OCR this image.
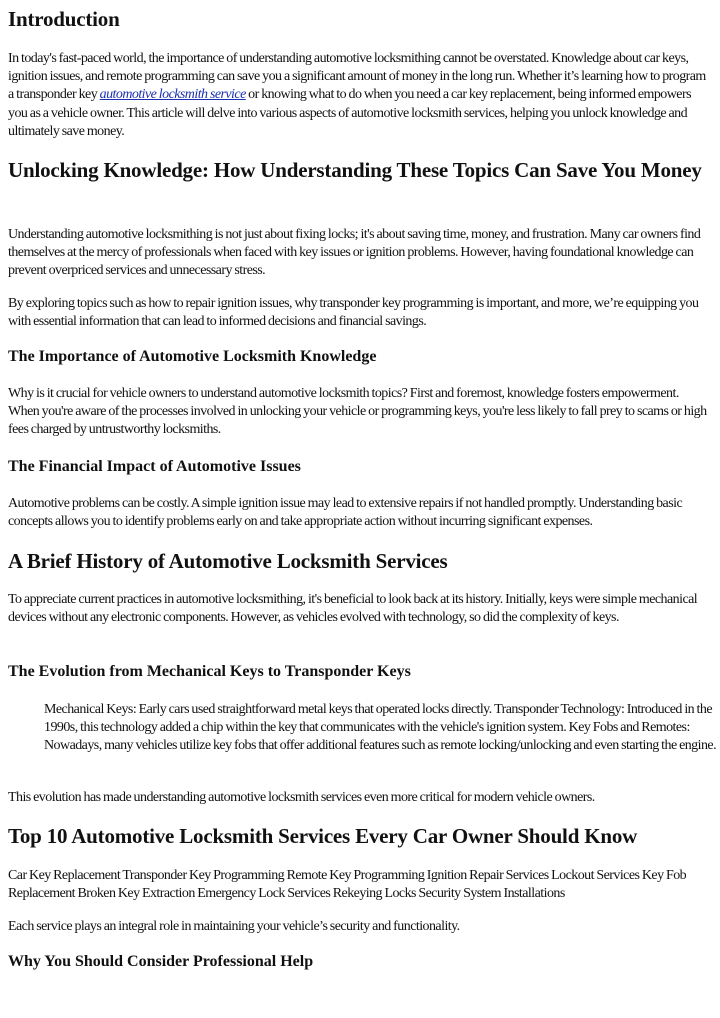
Introduction

In today's fast-paced world, the importance of understanding automotive locksmithing cannot be overstated. Knowledge about car keys, ignition issues, and remote programming can save you a significant amount of money in the long run. Whether it’s learning how to program a transponder key automotive locksmith service or knowing what to do when you need a car key replacement, being informed empowers you as a vehicle owner. This article will delve into various aspects of automotive locksmith services, helping you unlock knowledge and ultimately save money.

Unlocking Knowledge: How Understanding These Topics Can Save You Money

Understanding automotive locksmithing is not just about fixing locks; it's about saving time, money, and frustration. Many car owners find themselves at the mercy of professionals when faced with key issues or ignition problems. However, having foundational knowledge can prevent overpriced services and unnecessary stress.

By exploring topics such as how to repair ignition issues, why transponder key programming is important, and more, we’re equipping you with essential information that can lead to informed decisions and financial savings.

The Importance of Automotive Locksmith Knowledge

Why is it crucial for vehicle owners to understand automotive locksmith topics? First and foremost, knowledge fosters empowerment. When you're aware of the processes involved in unlocking your vehicle or programming keys, you're less likely to fall prey to scams or high fees charged by untrustworthy locksmiths.

The Financial Impact of Automotive Issues

Automotive problems can be costly. A simple ignition issue may lead to extensive repairs if not handled promptly. Understanding basic concepts allows you to identify problems early on and take appropriate action without incurring significant expenses.

A Brief History of Automotive Locksmith Services

To appreciate current practices in automotive locksmithing, it's beneficial to look back at its history. Initially, keys were simple mechanical devices without any electronic components. However, as vehicles evolved with technology, so did the complexity of keys.

The Evolution from Mechanical Keys to Transponder Keys
Mechanical Keys: Early cars used straightforward metal keys that operated locks directly. Transponder Technology: Introduced in the 1990s, this technology added a chip within the key that communicates with the vehicle's ignition system. Key Fobs and Remotes: Nowadays, many vehicles utilize key fobs that offer additional features such as remote locking/unlocking and even starting the engine.

This evolution has made understanding automotive locksmith services even more critical for modern vehicle owners.

Top 10 Automotive Locksmith Services Every Car Owner Should Know

Car Key Replacement Transponder Key Programming Remote Key Programming Ignition Repair Services Lockout Services Key Fob Replacement Broken Key Extraction Emergency Lock Services Rekeying Locks Security System Installations

Each service plays an integral role in maintaining your vehicle’s security and functionality.

Why You Should Consider Professional Help
